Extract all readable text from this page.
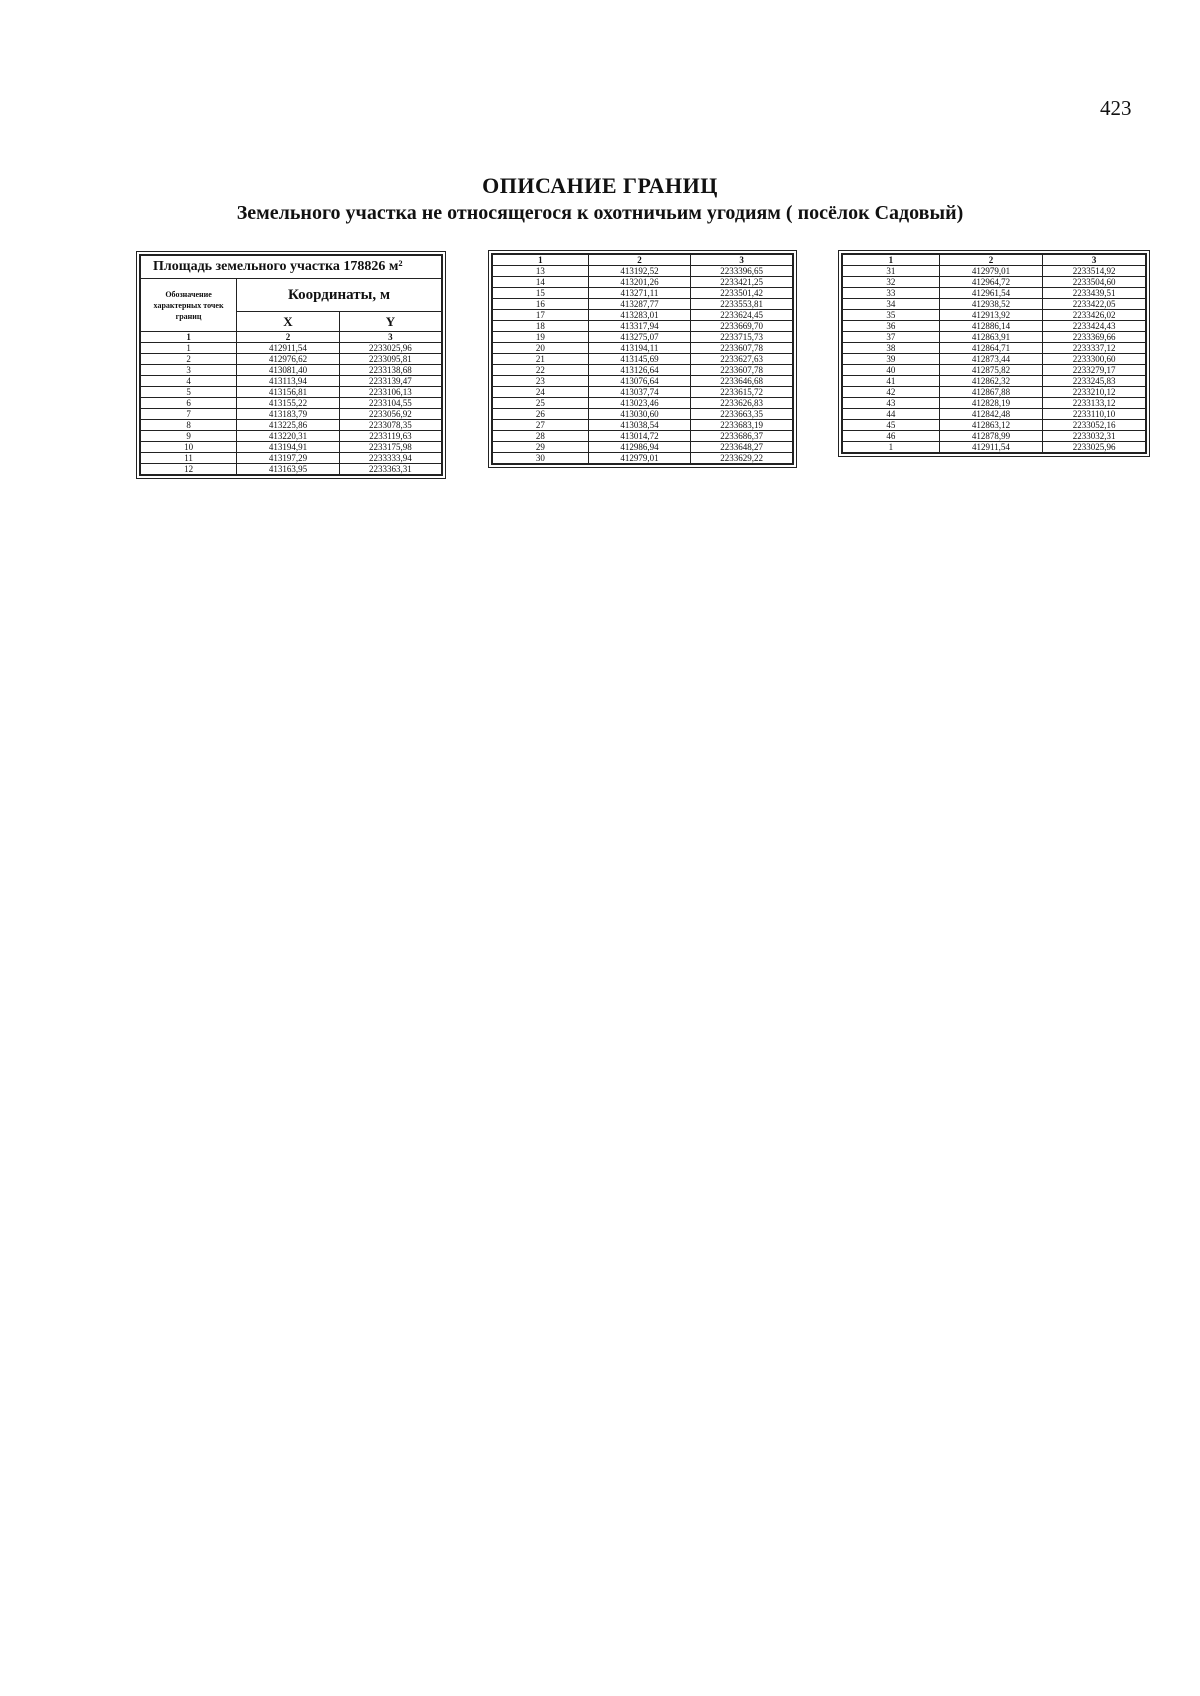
423
ОПИСАНИЕ ГРАНИЦ
Земельного участка не относящегося к охотничьим угодиям ( посёлок Садовый)
Площадь земельного участка 178826 м²		
Обозначение характерных точек границ	Координаты, м	
	X	Y
1	2	3
1	412911,54	2233025,96
2	412976,62	2233095,81
3	413081,40	2233138,68
4	413113,94	2233139,47
5	413156,81	2233106,13
6	413155,22	2233104,55
7	413183,79	2233056,92
8	413225,86	2233078,35
9	413220,31	2233119,63
10	413194,91	2233175,98
11	413197,29	2233333,94
12	413163,95	2233363,31
1	2	3
13	413192,52	2233396,65
14	413201,26	2233421,25
15	413271,11	2233501,42
16	413287,77	2233553,81
17	413283,01	2233624,45
18	413317,94	2233669,70
19	413275,07	2233715,73
20	413194,11	2233607,78
21	413145,69	2233627,63
22	413126,64	2233607,78
23	413076,64	2233646,68
24	413037,74	2233615,72
25	413023,46	2233626,83
26	413030,60	2233663,35
27	413038,54	2233683,19
28	413014,72	2233686,37
29	412986,94	2233648,27
30	412979,01	2233629,22
1	2	3
31	412979,01	2233514,92
32	412964,72	2233504,60
33	412961,54	2233439,51
34	412938,52	2233422,05
35	412913,92	2233426,02
36	412886,14	2233424,43
37	412863,91	2233369,66
38	412864,71	2233337,12
39	412873,44	2233300,60
40	412875,82	2233279,17
41	412862,32	2233245,83
42	412867,88	2233210,12
43	412828,19	2233133,12
44	412842,48	2233110,10
45	412863,12	2233052,16
46	412878,99	2233032,31
1	412911,54	2233025,96
